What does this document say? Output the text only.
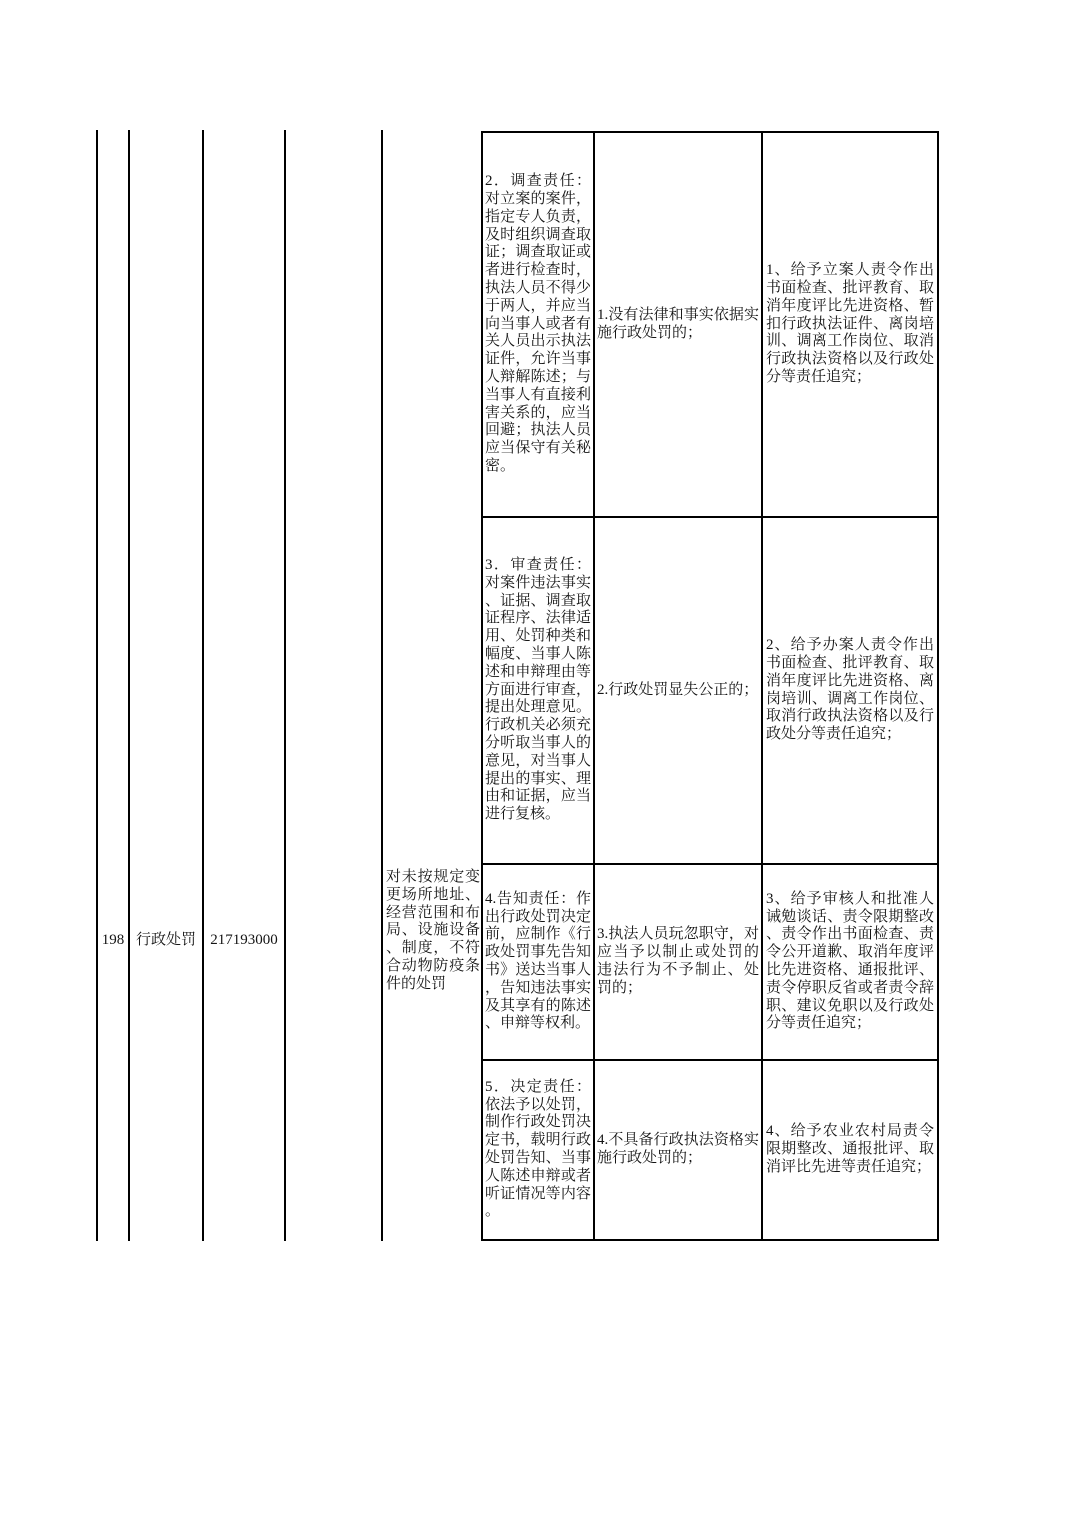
198 行政处罚 217193000
对未按规定变更场所地址、经营范围和布局、设施设备、制度，不符合动物防疫条件的处罚
2．调查责任：对立案的案件，指定专人负责，及时组织调查取证；调查取证或者进行检查时，执法人员不得少于两人，并应当向当事人或者有关人员出示执法证件，允许当事人辩解陈述；与当事人有直接利害关系的，应当回避；执法人员应当保守有关秘密。
1.没有法律和事实依据实施行政处罚的；
1、给予立案人责令作出书面检查、批评教育、取消年度评比先进资格、暂扣行政执法证件、离岗培训、调离工作岗位、取消行政执法资格以及行政处分等责任追究；
3．审查责任：对案件违法事实、证据、调查取证程序、法律适用、处罚种类和幅度、当事人陈述和申辩理由等方面进行审查，提出处理意见。行政机关必须充分听取当事人的意见，对当事人提出的事实、理由和证据，应当进行复核。
2.行政处罚显失公正的；
2、给予办案人责令作出书面检查、批评教育、取消年度评比先进资格、离岗培训、调离工作岗位、取消行政执法资格以及行政处分等责任追究；
4.告知责任：作出行政处罚决定前，应制作《行政处罚事先告知书》送达当事人，告知违法事实及其享有的陈述、申辩等权利。
3.执法人员玩忽职守，对应当予以制止或处罚的违法行为不予制止、处罚的；
3、给予审核人和批准人诫勉谈话、责令限期整改、责令作出书面检查、责令公开道歉、取消年度评比先进资格、通报批评、责令停职反省或者责令辞职、建议免职以及行政处分等责任追究；
5．决定责任：依法予以处罚，制作行政处罚决定书，载明行政处罚告知、当事人陈述申辩或者听证情况等内容。
4.不具备行政执法资格实施行政处罚的；
4、给予农业农村局责令限期整改、通报批评、取消评比先进等责任追究；
